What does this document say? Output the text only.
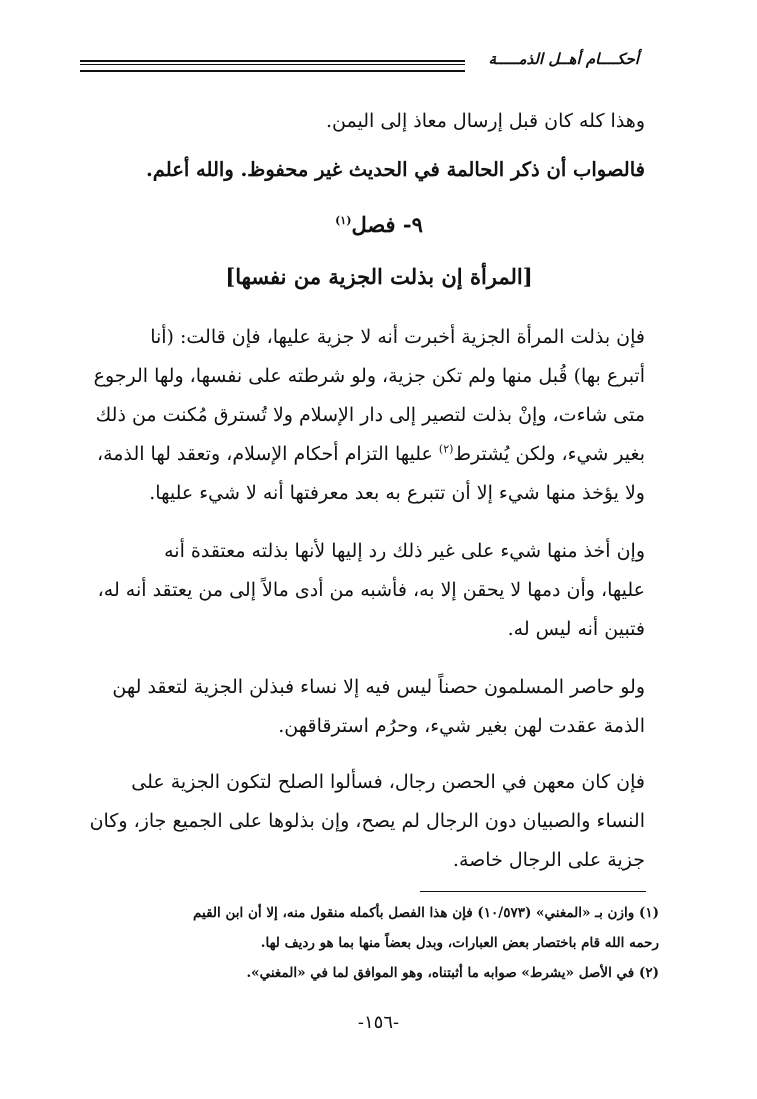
أحكــــام أهــل الذمـــــة
وهذا كله كان قبل إرسال معاذ إلى اليمن.
فالصواب أن ذكر الحالمة في الحديث غير محفوظ. والله أعلم.
٩- فصل$^{(١)}$
[المرأة إن بذلت الجزية من نفسها]
فإن بذلت المرأة الجزية أخبرت أنه لا جزية عليها، فإن قالت: (أنا
أتبرع بها) قُبل منها ولم تكن جزية، ولو شرطته على نفسها، ولها الرجوع
متى شاءت، وإنْ بذلت لتصير إلى دار الإسلام ولا تُسترق مُكنت من ذلك
بغير شيء، ولكن يُشترط$^{(٢)}$ عليها التزام أحكام الإسلام، وتعقد لها الذمة،
ولا يؤخذ منها شيء إلا أن تتبرع به بعد معرفتها أنه لا شيء عليها.
وإن أخذ منها شيء على غير ذلك رد إليها لأنها بذلته معتقدة أنه
عليها، وأن دمها لا يحقن إلا به، فأشبه من أدى مالاً إلى من يعتقد أنه له،
فتبين أنه ليس له.
ولو حاصر المسلمون حصناً ليس فيه إلا نساء فبذلن الجزية لتعقد لهن
الذمة عقدت لهن بغير شيء، وحرُم استرقاقهن.
فإن كان معهن في الحصن رجال، فسألوا الصلح لتكون الجزية على
النساء والصبيان دون الرجال لم يصح، وإن بذلوها على الجميع جاز، وكان
جزية على الرجال خاصة.
(١) وازن بـ «المغني» (١٠/٥٧٣) فإن هذا الفصل بأكمله منقول منه، إلا أن ابن القيم
رحمه الله قام باختصار بعض العبارات، وبدل بعضاً منها بما هو رديف لها.
(٢) في الأصل «يشرط» صوابه ما أثبتناه، وهو الموافق لما في «المغني».
-١٥٦-
